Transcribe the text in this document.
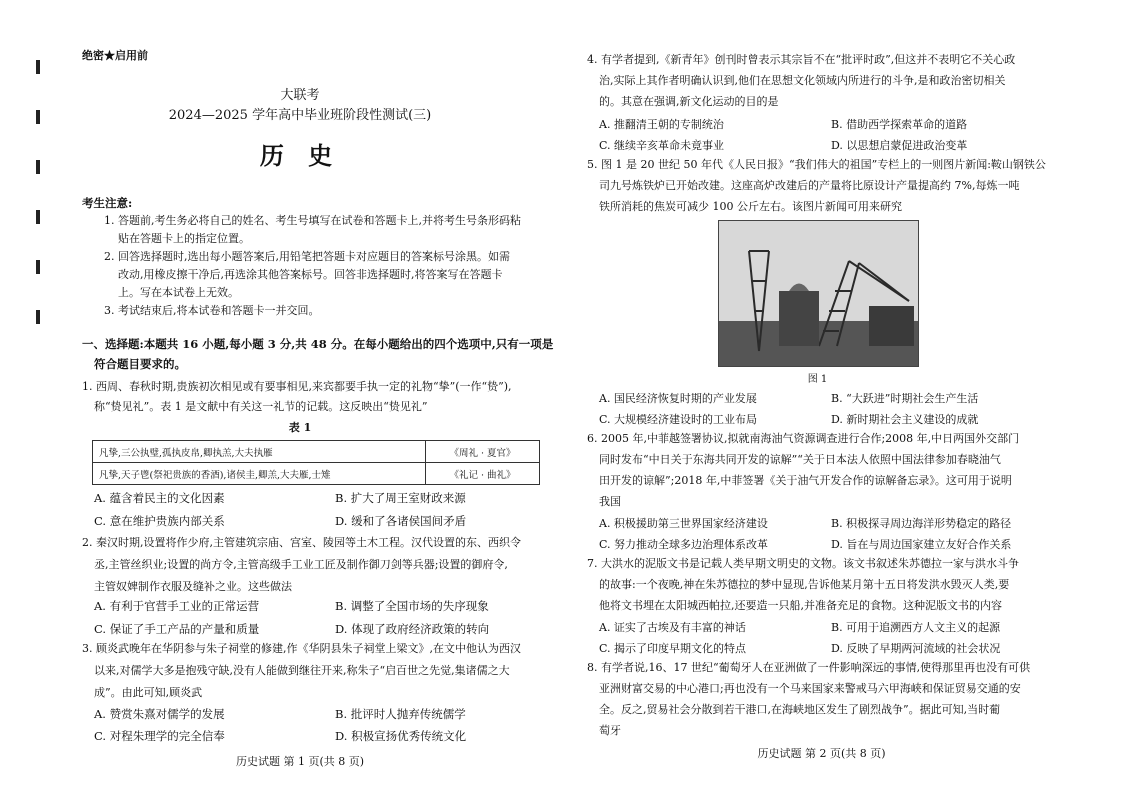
绝密★启用前
大联考
2024—2025 学年高中毕业班阶段性测试(三)
历 史
考生注意:
1. 答题前,考生务必将自己的姓名、考生号填写在试卷和答题卡上,并将考生号条形码粘
贴在答题卡上的指定位置。
2. 回答选择题时,选出每小题答案后,用铅笔把答题卡对应题目的答案标号涂黑。如需
改动,用橡皮擦干净后,再选涂其他答案标号。回答非选择题时,将答案写在答题卡
上。写在本试卷上无效。
3. 考试结束后,将本试卷和答题卡一并交回。
一、选择题:本题共 16 小题,每小题 3 分,共 48 分。在每小题给出的四个选项中,只有一项是
符合题目要求的。
1. 西周、春秋时期,贵族初次相见或有要事相见,来宾都要手执一定的礼物“挚”(一作“贽”),
称“贽见礼”。表 1 是文献中有关这一礼节的记载。这反映出“贽见礼”
表 1
凡挚,三公执璧,孤执皮帛,卿执羔,大夫执雁	《周礼 · 夏官》
凡挚,天子鬯(祭祀贵族的香酒),诸侯圭,卿羔,大夫雁,士雉	《礼记 · 曲礼》
A. 蕴含着民主的文化因素	B. 扩大了周王室财政来源
C. 意在维护贵族内部关系	D. 缓和了各诸侯国间矛盾
2. 秦汉时期,设置将作少府,主管建筑宗庙、宫室、陵园等土木工程。汉代设置的东、西织令
丞,主管丝织业;设置的尚方令,主管高级手工业工匠及制作御刀剑等兵器;设置的御府令,
主管奴婢制作衣服及缝补之业。这些做法
A. 有利于官营手工业的正常运营	B. 调整了全国市场的失序现象
C. 保证了手工产品的产量和质量	D. 体现了政府经济政策的转向
3. 顾炎武晚年在华阴参与朱子祠堂的修建,作《华阴县朱子祠堂上梁文》,在文中他认为西汉
以来,对儒学大多是抱残守缺,没有人能做到继往开来,称朱子“启百世之先觉,集诸儒之大
成”。由此可知,顾炎武
A. 赞赏朱熹对儒学的发展	B. 批评时人抛弃传统儒学
C. 对程朱理学的完全信奉	D. 积极宣扬优秀传统文化
历史试题 第 1 页(共 8 页)
4. 有学者提到,《新青年》创刊时曾表示其宗旨不在“批评时政”,但这并不表明它不关心政
治,实际上其作者明确认识到,他们在思想文化领域内所进行的斗争,是和政治密切相关
的。其意在强调,新文化运动的目的是
A. 推翻清王朝的专制统治	B. 借助西学探索革命的道路
C. 继续辛亥革命未竟事业	D. 以思想启蒙促进政治变革
5. 图 1 是 20 世纪 50 年代《人民日报》“我们伟大的祖国”专栏上的一则图片新闻:鞍山钢铁公
司九号炼铁炉已开始改建。这座高炉改建后的产量将比原设计产量提高约 7%,每炼一吨
铁所消耗的焦炭可减少 100 公斤左右。该图片新闻可用来研究
图 1
A. 国民经济恢复时期的产业发展	B. “大跃进”时期社会生产生活
C. 大规模经济建设时的工业布局	D. 新时期社会主义建设的成就
6. 2005 年,中菲越签署协议,拟就南海油气资源调查进行合作;2008 年,中日两国外交部门
同时发布“中日关于东海共同开发的谅解”“关于日本法人依照中国法律参加春晓油气
田开发的谅解”;2018 年,中菲签署《关于油气开发合作的谅解备忘录》。这可用于说明
我国
A. 积极援助第三世界国家经济建设	B. 积极探寻周边海洋形势稳定的路径
C. 努力推动全球多边治理体系改革	D. 旨在与周边国家建立友好合作关系
7. 大洪水的泥版文书是记载人类早期文明史的文物。该文书叙述朱苏德拉一家与洪水斗争
的故事:一个夜晚,神在朱苏德拉的梦中显现,告诉他某月第十五日将发洪水毁灭人类,要
他将文书埋在太阳城西帕拉,还要造一只船,并准备充足的食物。这种泥版文书的内容
A. 证实了古埃及有丰富的神话	B. 可用于追溯西方人文主义的起源
C. 揭示了印度早期文化的特点	D. 反映了早期两河流域的社会状况
8. 有学者说,16、17 世纪“葡萄牙人在亚洲做了一件影响深远的事情,使得那里再也没有可供
亚洲财富交易的中心港口;再也没有一个马来国家来警戒马六甲海峡和保证贸易交通的安
全。反之,贸易社会分散到若干港口,在海峡地区发生了剧烈战争”。据此可知,当时葡
萄牙
历史试题 第 2 页(共 8 页)
